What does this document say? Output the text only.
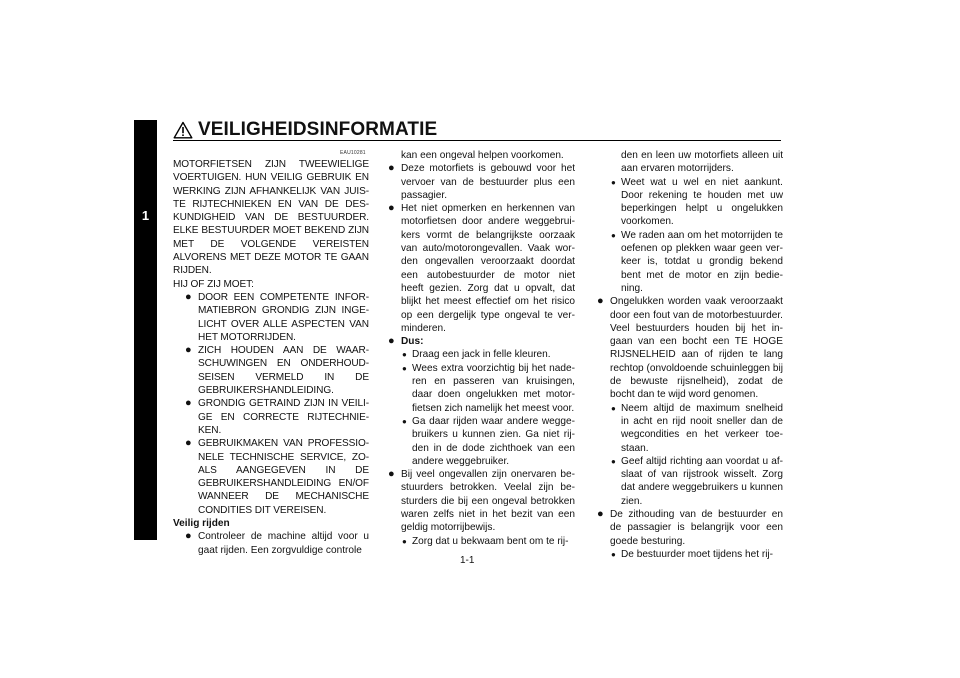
1
VEILIGHEIDSINFORMATIE
EAU10281

MOTORFIETSEN ZIJN TWEEWIELIGE VOERTUIGEN. HUN VEILIG GEBRUIK EN WERKING ZIJN AFHANKELIJK VAN JUIS-TE RIJTECHNIEKEN EN VAN DE DES-KUNDIGHEID VAN DE BESTUURDER. ELKE BESTUURDER MOET BEKEND ZIJN MET DE VOLGENDE VEREISTEN ALVORENS MET DEZE MOTOR TE GAAN RIJDEN.

HIJ OF ZIJ MOET:

● DOOR EEN COMPETENTE INFOR-MATIEBRON GRONDIG ZIJN INGE-LICHT OVER ALLE ASPECTEN VAN HET MOTORRIJDEN.

● ZICH HOUDEN AAN DE WAAR-SCHUWINGEN EN ONDERHOUD-SEISEN VERMELD IN DE GEBRUIKERSHANDLEIDING.

● GRONDIG GETRAIND ZIJN IN VEILI-GE EN CORRECTE RIJTECHNIE-KEN.

● GEBRUIKMAKEN VAN PROFESSIO-NELE TECHNISCHE SERVICE, ZO-ALS AANGEGEVEN IN DE GEBRUIKERSHANDLEIDING EN/OF WANNEER DE MECHANISCHE CONDITIES DIT VEREISEN.

Veilig rijden

● Controleer de machine altijd voor u gaat rijden. Een zorgvuldige controle

kan een ongeval helpen voorkomen.

● Deze motorfiets is gebouwd voor het vervoer van de bestuurder plus een passagier.

● Het niet opmerken en herkennen van motorfietsen door andere weggebrui-kers vormt de belangrijkste oorzaak van auto/motorongevallen. Vaak wor-den ongevallen veroorzaakt doordat een autobestuurder de motor niet heeft gezien. Zorg dat u opvalt, dat blijkt het meest effectief om het risico op een dergelijk type ongeval te ver-minderen.

● Dus:

● Draag een jack in felle kleuren.

● Wees extra voorzichtig bij het nade-ren en passeren van kruisingen, daar doen ongelukken met motor-fietsen zich namelijk het meest voor.

● Ga daar rijden waar andere wegge-bruikers u kunnen zien. Ga niet rij-den in de dode zichthoek van een andere weggebruiker.

● Bij veel ongevallen zijn onervaren be-stuurders betrokken. Veelal zijn be-sturders die bij een ongeval betrokken waren zelfs niet in het bezit van een geldig motorrijbewijs.

● Zorg dat u bekwaam bent om te rij-

den en leen uw motorfiets alleen uit aan ervaren motorrijders.

● Weet wat u wel en niet aankunt. Door rekening te houden met uw beperkingen helpt u ongelukken voorkomen.

● We raden aan om het motorrijden te oefenen op plekken waar geen ver-keer is, totdat u grondig bekend bent met de motor en zijn bedie-ning.

● Ongelukken worden vaak veroorzaakt door een fout van de motorbestuurder. Veel bestuurders houden bij het in-gaan van een bocht een TE HOGE RIJSNELHEID aan of rijden te lang rechtop (onvoldoende schuinleggen bij de bewuste rijsnelheid), zodat de bocht dan te wijd word genomen.

● Neem altijd de maximum snelheid in acht en rijd nooit sneller dan de wegcondities en het verkeer toe-staan.

● Geef altijd richting aan voordat u af-slaat of van rijstrook wisselt. Zorg dat andere weggebruikers u kunnen zien.

● De zithouding van de bestuurder en de passagier is belangrijk voor een goede besturing.

● De bestuurder moet tijdens het rij-

1-1
